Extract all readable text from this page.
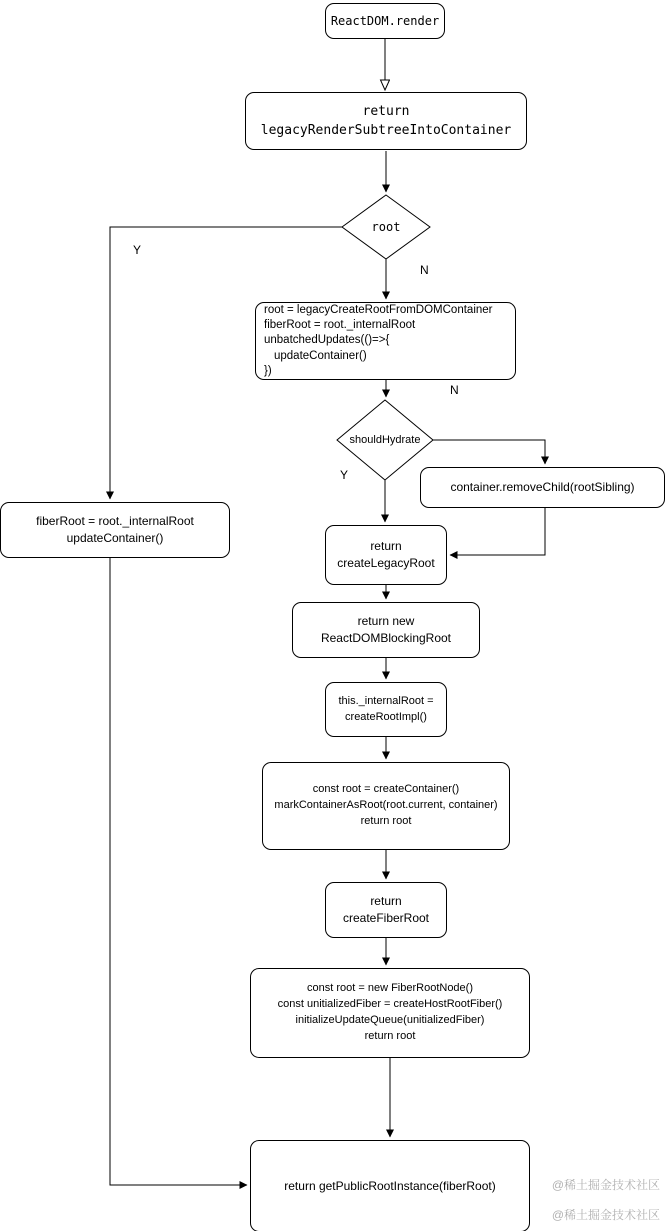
ReactDOM.render
return
legacyRenderSubtreeIntoContainer
root
root = legacyCreateRootFromDOMContainer
fiberRoot = root._internalRoot
unbatchedUpdates(()=>{
updateContainer()
})
shouldHydrate
container.removeChild(rootSibling)
fiberRoot = root._internalRoot
updateContainer()
return
createLegacyRoot
return new
ReactDOMBlockingRoot
this._internalRoot =
createRootImpl()
const root = createContainer()
markContainerAsRoot(root.current, container)
return root
return
createFiberRoot
const root = new FiberRootNode()
const unitializedFiber = createHostRootFiber()
initializeUpdateQueue(unitializedFiber)
return root
return getPublicRootInstance(fiberRoot)
Y
N
N
Y
@稀土掘金技术社区
@稀土掘金技术社区
